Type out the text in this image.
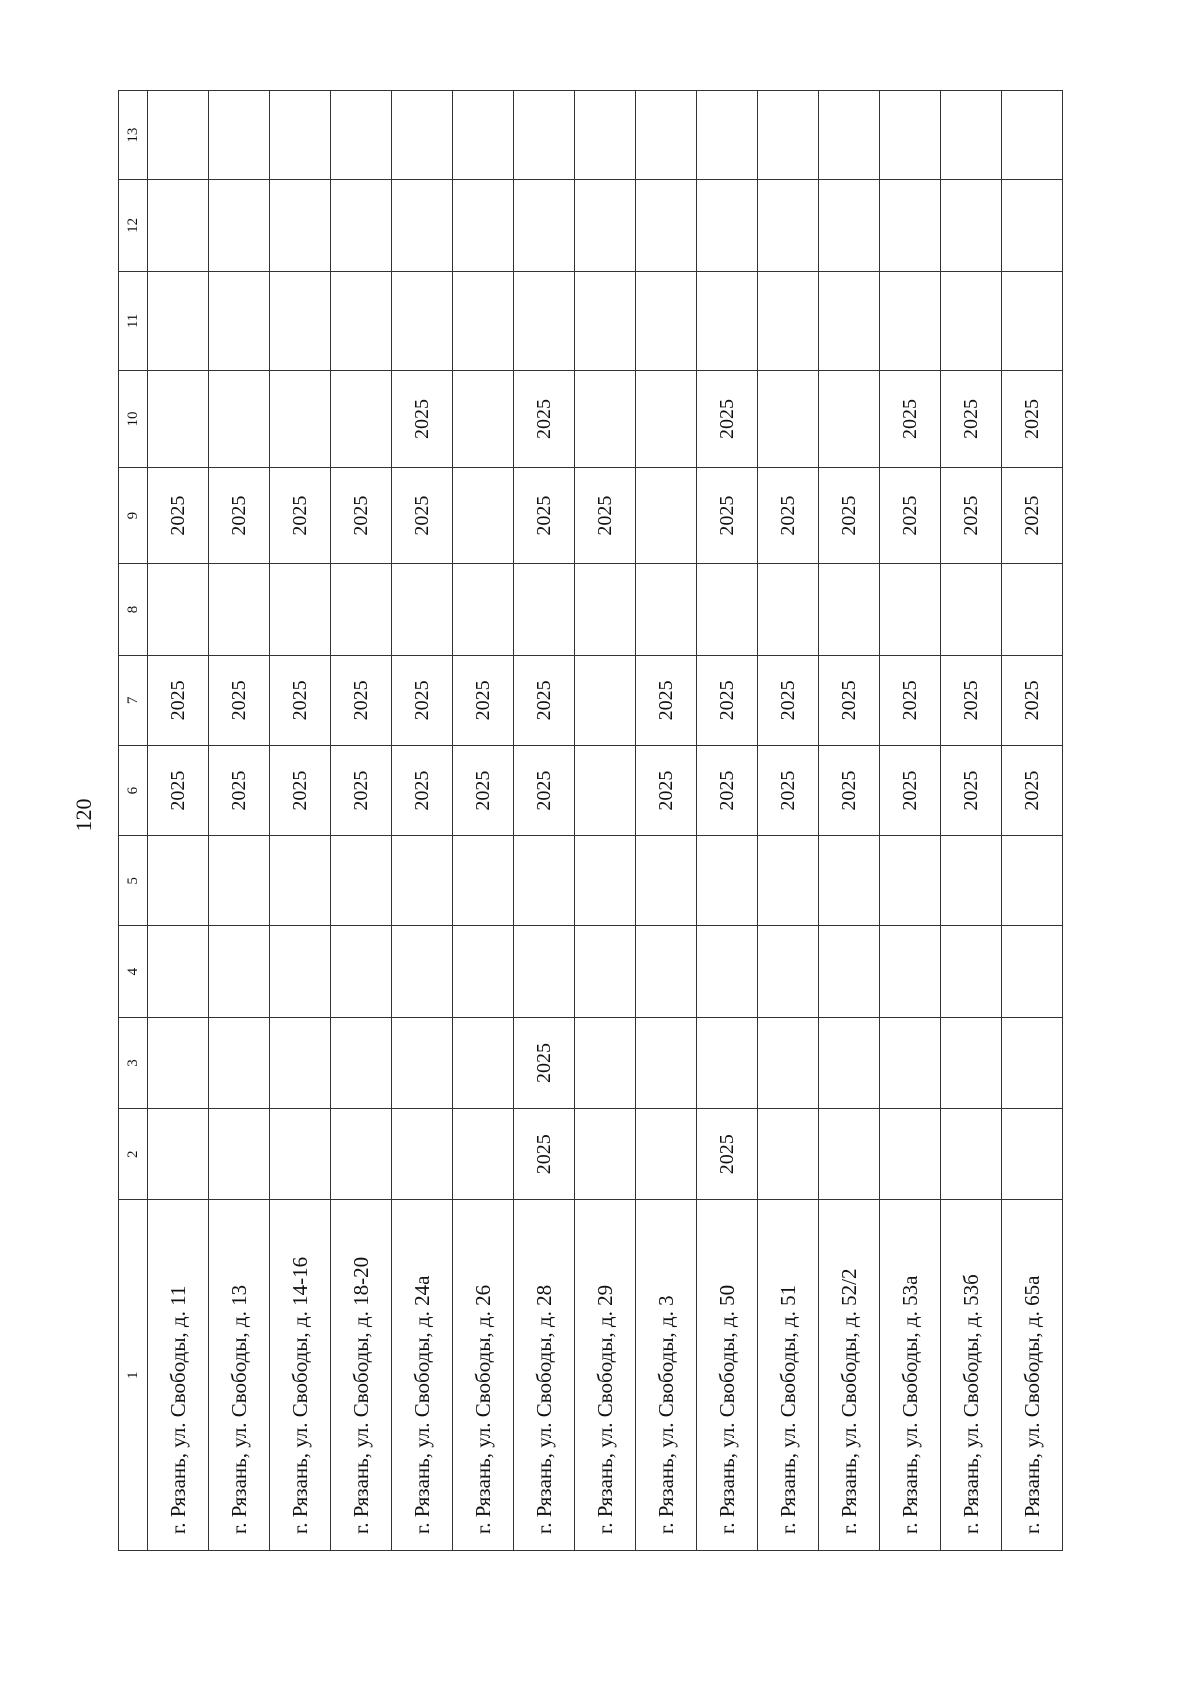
120
1	2	3	4	5	6	7	8	9	10	11	12	13
г. Рязань, ул. Свободы, д. 11					2025	2025		2025				
г. Рязань, ул. Свободы, д. 13					2025	2025		2025				
г. Рязань, ул. Свободы, д. 14-16					2025	2025		2025				
г. Рязань, ул. Свободы, д. 18-20					2025	2025		2025				
г. Рязань, ул. Свободы, д. 24а					2025	2025		2025	2025			
г. Рязань, ул. Свободы, д. 26					2025	2025						
г. Рязань, ул. Свободы, д. 28	2025	2025			2025	2025		2025	2025			
г. Рязань, ул. Свободы, д. 29								2025				
г. Рязань, ул. Свободы, д. 3					2025	2025						
г. Рязань, ул. Свободы, д. 50	2025				2025	2025		2025	2025			
г. Рязань, ул. Свободы, д. 51					2025	2025		2025				
г. Рязань, ул. Свободы, д. 52/2					2025	2025		2025				
г. Рязань, ул. Свободы, д. 53а					2025	2025		2025	2025			
г. Рязань, ул. Свободы, д. 53б					2025	2025		2025	2025			
г. Рязань, ул. Свободы, д. 65а					2025	2025		2025	2025			
